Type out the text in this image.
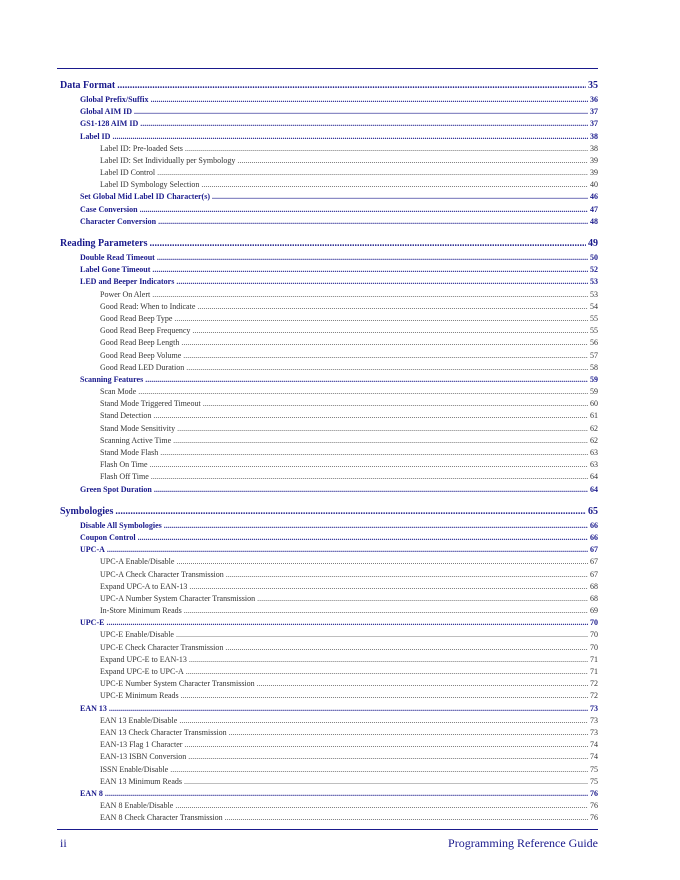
Data Format .....	35
Global Prefix/Suffix .....	36
Global AIM ID .....	37
GS1-128 AIM ID .....	37
Label ID .....	38
Label ID: Pre-loaded Sets .....	38
Label ID: Set Individually per Symbology .....	39
Label ID Control .....	39
Label ID Symbology Selection .....	40
Set Global Mid Label ID Character(s) .....	46
Case Conversion .....	47
Character Conversion .....	48
Reading Parameters .....	49
Double Read Timeout .....	50
Label Gone Timeout .....	52
LED and Beeper Indicators .....	53
Power On Alert .....	53
Good Read: When to Indicate .....	54
Good Read Beep Type .....	55
Good Read Beep Frequency .....	55
Good Read Beep Length .....	56
Good Read Beep Volume .....	57
Good Read LED Duration .....	58
Scanning Features .....	59
Scan Mode .....	59
Stand Mode Triggered Timeout .....	60
Stand Detection .....	61
Stand Mode Sensitivity .....	62
Scanning Active Time .....	62
Stand Mode Flash .....	63
Flash On Time .....	63
Flash Off Time .....	64
Green Spot Duration .....	64
Symbologies .....	65
Disable All Symbologies .....	66
Coupon Control .....	66
UPC-A .....	67
UPC-A Enable/Disable .....	67
UPC-A Check Character Transmission .....	67
Expand UPC-A to EAN-13 .....	68
UPC-A Number System Character Transmission .....	68
In-Store Minimum Reads .....	69
UPC-E .....	70
UPC-E Enable/Disable .....	70
UPC-E Check Character Transmission .....	70
Expand UPC-E to EAN-13 .....	71
Expand UPC-E to UPC-A .....	71
UPC-E Number System Character Transmission .....	72
UPC-E Minimum Reads .....	72
EAN 13 .....	73
EAN 13 Enable/Disable .....	73
EAN 13 Check Character Transmission .....	73
EAN-13 Flag 1 Character .....	74
EAN-13 ISBN Conversion .....	74
ISSN Enable/Disable .....	75
EAN 13 Minimum Reads .....	75
EAN 8 .....	76
EAN 8 Enable/Disable .....	76
EAN 8 Check Character Transmission .....	76
ii	Programming Reference Guide
